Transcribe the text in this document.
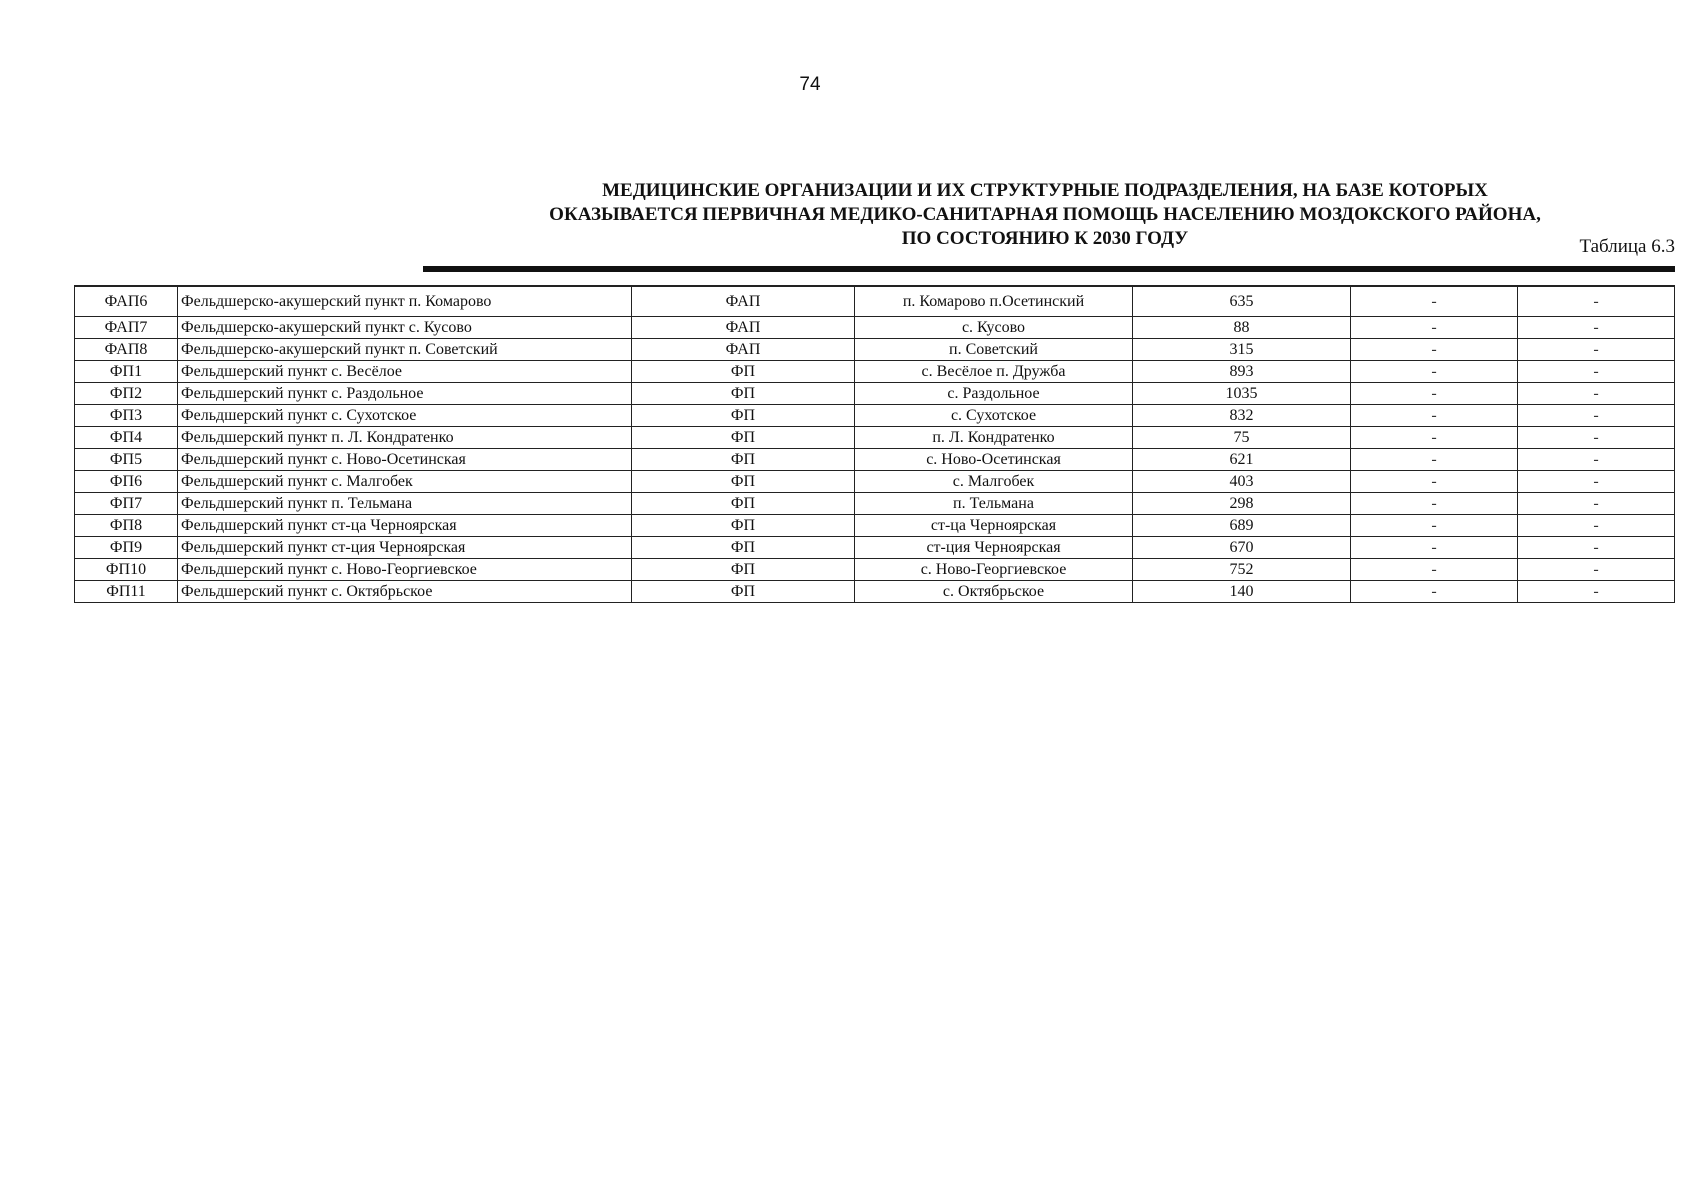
74
МЕДИЦИНСКИЕ ОРГАНИЗАЦИИ И ИХ СТРУКТУРНЫЕ ПОДРАЗДЕЛЕНИЯ, НА БАЗЕ КОТОРЫХ
ОКАЗЫВАЕТСЯ ПЕРВИЧНАЯ МЕДИКО-САНИТАРНАЯ ПОМОЩЬ НАСЕЛЕНИЮ МОЗДОКСКОГО РАЙОНА,
ПО СОСТОЯНИЮ К 2030 ГОДУ	Таблица 6.3
ФАП6	Фельдшерско-акушерский пункт п. Комарово	ФАП	п. Комарово п.Осетинский	635	-	-
ФАП7	Фельдшерско-акушерский пункт с. Кусово	ФАП	с. Кусово	88	-	-
ФАП8	Фельдшерско-акушерский пункт п. Советский	ФАП	п. Советский	315	-	-
ФП1	Фельдшерский пункт с. Весёлое	ФП	с. Весёлое п. Дружба	893	-	-
ФП2	Фельдшерский пункт с. Раздольное	ФП	с. Раздольное	1035	-	-
ФП3	Фельдшерский пункт с. Сухотское	ФП	с. Сухотское	832	-	-
ФП4	Фельдшерский пункт п. Л. Кондратенко	ФП	п. Л. Кондратенко	75	-	-
ФП5	Фельдшерский пункт с. Ново-Осетинская	ФП	с. Ново-Осетинская	621	-	-
ФП6	Фельдшерский пункт с. Малгобек	ФП	с. Малгобек	403	-	-
ФП7	Фельдшерский пункт п. Тельмана	ФП	п. Тельмана	298	-	-
ФП8	Фельдшерский пункт ст-ца Черноярская	ФП	ст-ца Черноярская	689	-	-
ФП9	Фельдшерский пункт ст-ция Черноярская	ФП	ст-ция Черноярская	670	-	-
ФП10	Фельдшерский пункт с. Ново-Георгиевское	ФП	с. Ново-Георгиевское	752	-	-
ФП11	Фельдшерский пункт с. Октябрьское	ФП	с. Октябрьское	140	-	-
